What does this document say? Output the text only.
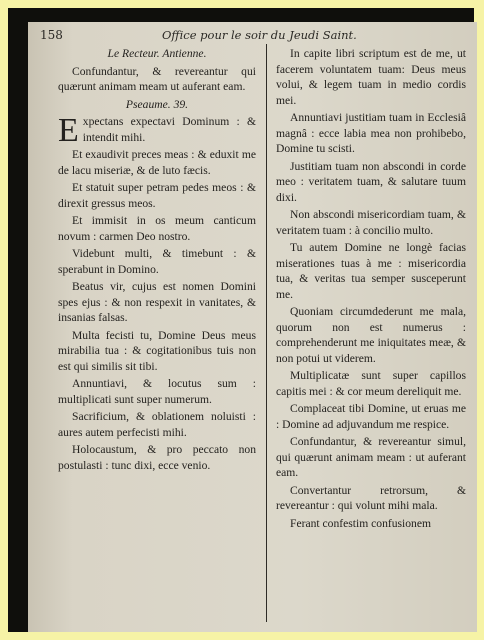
158	Office pour le soir du Jeudi Saint.

Le Recteur. Antienne.

Confundantur, & revereantur qui quærunt animam meam ut auferant eam.

Pseaume. 39.

E xpectans expectavi Dominum : & intendit mihi.

Et exaudivit preces meas : & eduxit me de lacu miseriæ, & de luto fæcis.

Et statuit super petram pedes meos : & direxit gressus meos.

Et immisit in os meum canticum novum : carmen Deo nostro.

Videbunt multi, & timebunt : & sperabunt in Domino.

Beatus vir, cujus est nomen Domini spes ejus : & non respexit in vanitates, & insanias falsas.

Multa fecisti tu, Domine Deus meus mirabilia tua : & cogitationibus tuis non est qui similis sit tibi.

Annuntiavi, & locutus sum : multiplicati sunt super numerum.

Sacrificium, & oblationem noluisti : aures autem perfecisti mihi.

Holocaustum, & pro peccato non postulasti : tunc dixi, ecce venio.

In capite libri scriptum est de me, ut facerem voluntatem tuam: Deus meus volui, & legem tuam in medio cordis mei.

Annuntiavi justitiam tuam in Ecclesiâ magnâ : ecce labia mea non prohibebo, Domine tu scisti.

Justitiam tuam non abscondi in corde meo : veritatem tuam, & salutare tuum dixi.

Non abscondi misericordiam tuam, & veritatem tuam : à concilio multo.

Tu autem Domine ne longè facias miserationes tuas à me : misericordia tua, & veritas tua semper susceperunt me.

Quoniam circumdederunt me mala, quorum non est numerus : comprehenderunt me iniquitates meæ, & non potui ut viderem.

Multiplicatæ sunt super capillos capitis mei : & cor meum dereliquit me.

Complaceat tibi Domine, ut eruas me : Domine ad adjuvandum me respice.

Confundantur, & revereantur simul, qui quærunt animam meam : ut auferant eam.

Convertantur retrorsum, & revereantur : qui volunt mihi mala.

Ferant confestim confusionem
